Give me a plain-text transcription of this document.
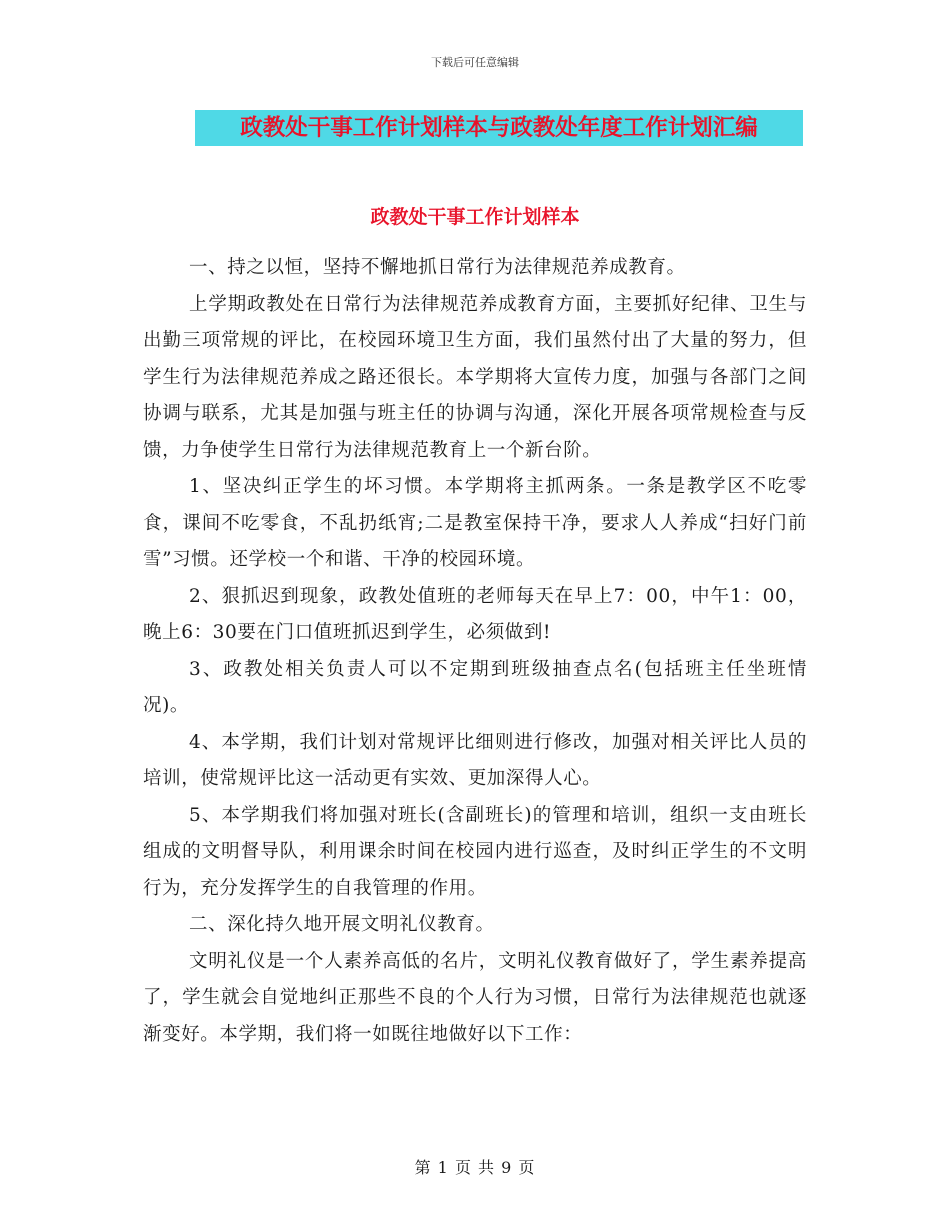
下载后可任意编辑
政教处干事工作计划样本与政教处年度工作计划汇编
政教处干事工作计划样本

一、持之以恒，坚持不懈地抓日常行为法律规范养成教育。

上学期政教处在日常行为法律规范养成教育方面，主要抓好纪律、卫生与出勤三项常规的评比，在校园环境卫生方面，我们虽然付出了大量的努力，但学生行为法律规范养成之路还很长。本学期将大宣传力度，加强与各部门之间协调与联系，尤其是加强与班主任的协调与沟通，深化开展各项常规检查与反馈，力争使学生日常行为法律规范教育上一个新台阶。

1、坚决纠正学生的坏习惯。本学期将主抓两条。一条是教学区不吃零食，课间不吃零食，不乱扔纸宵;二是教室保持干净，要求人人养成“扫好门前雪”习惯。还学校一个和谐、干净的校园环境。

2、狠抓迟到现象，政教处值班的老师每天在早上7：00，中午1：00，晚上6：30要在门口值班抓迟到学生，必须做到!

3、政教处相关负责人可以不定期到班级抽查点名(包括班主任坐班情况)。

4、本学期，我们计划对常规评比细则进行修改，加强对相关评比人员的培训，使常规评比这一活动更有实效、更加深得人心。

5、本学期我们将加强对班长(含副班长)的管理和培训，组织一支由班长组成的文明督导队，利用课余时间在校园内进行巡查，及时纠正学生的不文明行为，充分发挥学生的自我管理的作用。

二、深化持久地开展文明礼仪教育。

文明礼仪是一个人素养高低的名片，文明礼仪教育做好了，学生素养提高了，学生就会自觉地纠正那些不良的个人行为习惯，日常行为法律规范也就逐渐变好。本学期，我们将一如既往地做好以下工作：

第 1 页 共 9 页
